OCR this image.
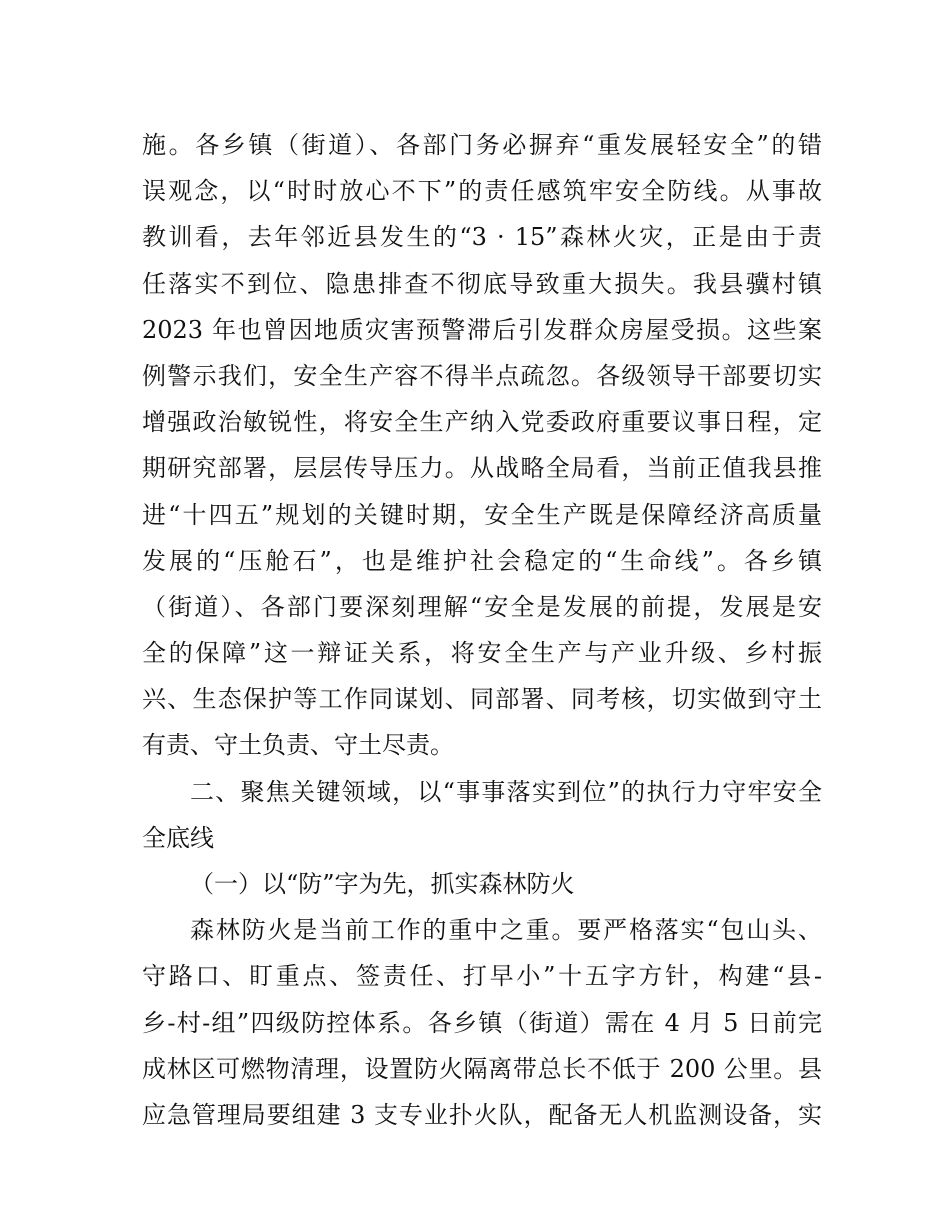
施。各乡镇（街道）、各部门务必摒弃“重发展轻安全”的错
误观念，以“时时放心不下”的责任感筑牢安全防线。从事故
教训看，去年邻近县发生的“3 · 15”森林火灾，正是由于责
任落实不到位、隐患排查不彻底导致重大损失。我县骥村镇
2023 年也曾因地质灾害预警滞后引发群众房屋受损。这些案
例警示我们，安全生产容不得半点疏忽。各级领导干部要切实
增强政治敏锐性，将安全生产纳入党委政府重要议事日程，定
期研究部署，层层传导压力。从战略全局看，当前正值我县推
进“十四五”规划的关键时期，安全生产既是保障经济高质量
发展的“压舱石”，也是维护社会稳定的“生命线”。各乡镇
（街道）、各部门要深刻理解“安全是发展的前提，发展是安
全的保障”这一辩证关系，将安全生产与产业升级、乡村振
兴、生态保护等工作同谋划、同部署、同考核，切实做到守土
有责、守土负责、守土尽责。
二、聚焦关键领域，以“事事落实到位”的执行力守牢安全
全底线
（一）以“防”字为先，抓实森林防火
森林防火是当前工作的重中之重。要严格落实“包山头、
守路口、盯重点、签责任、打早小”十五字方针，构建“县-
乡-村-组”四级防控体系。各乡镇（街道）需在 4 月 5 日前完
成林区可燃物清理，设置防火隔离带总长不低于 200 公里。县
应急管理局要组建 3 支专业扑火队，配备无人机监测设备，实
